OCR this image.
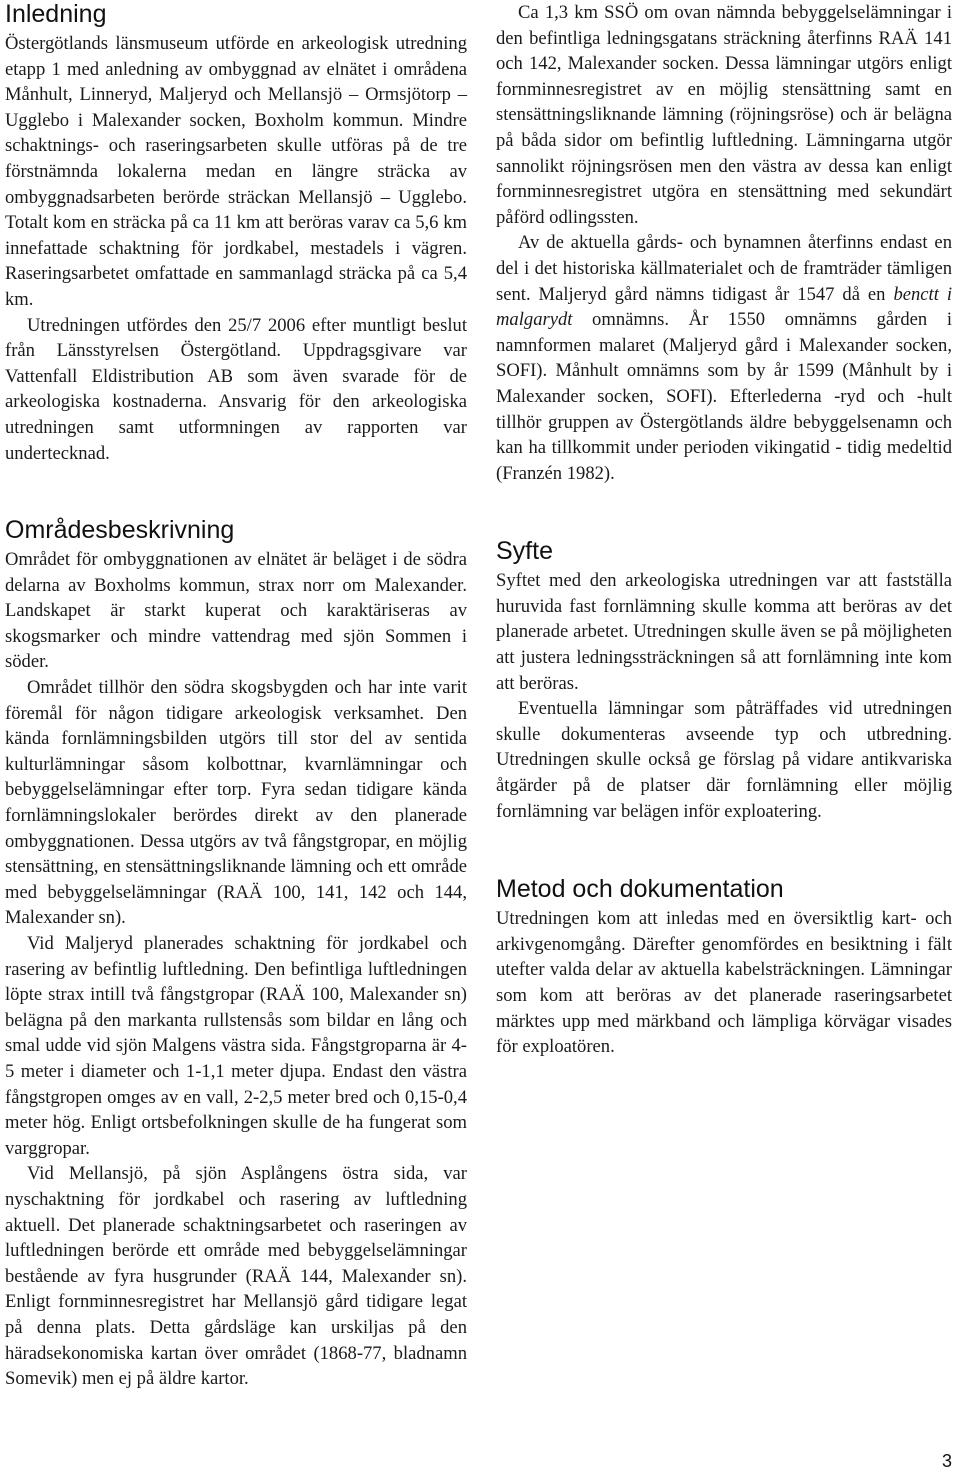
Inledning

Östergötlands länsmuseum utförde en arkeologisk utredning etapp 1 med anledning av ombyggnad av elnätet i områdena Månhult, Linneryd, Maljeryd och Mellansjö – Ormsjötorp – Ugglebo i Malexander socken, Boxholm kommun. Mindre schaktnings- och raseringsarbeten skulle utföras på de tre förstnämnda lokalerna medan en längre sträcka av ombyggnadsarbeten berörde sträckan Mellansjö – Ugglebo. Totalt kom en sträcka på ca 11 km att beröras varav ca 5,6 km innefattade schaktning för jordkabel, mestadels i vägren. Raseringsarbetet omfattade en sammanlagd sträcka på ca 5,4 km.

Utredningen utfördes den 25/7 2006 efter muntligt beslut från Länsstyrelsen Östergötland. Uppdragsgivare var Vattenfall Eldistribution AB som även svarade för de arkeologiska kostnaderna. Ansvarig för den arkeologiska utredningen samt utformningen av rapporten var undertecknad.

Områdesbeskrivning

Området för ombyggnationen av elnätet är beläget i de södra delarna av Boxholms kommun, strax norr om Malexander. Landskapet är starkt kuperat och karaktäriseras av skogsmarker och mindre vattendrag med sjön Sommen i söder.

Området tillhör den södra skogsbygden och har inte varit föremål för någon tidigare arkeologisk verksamhet. Den kända fornlämningsbilden utgörs till stor del av sentida kulturlämningar såsom kolbottnar, kvarnlämningar och bebyggelselämningar efter torp. Fyra sedan tidigare kända fornlämningslokaler berördes direkt av den planerade ombyggnationen. Dessa utgörs av två fångstgropar, en möjlig stensättning, en stensättningsliknande lämning och ett område med bebyggelselämningar (RAÄ 100, 141, 142 och 144, Malexander sn).

Vid Maljeryd planerades schaktning för jordkabel och rasering av befintlig luftledning. Den befintliga luftledningen löpte strax intill två fångstgropar (RAÄ 100, Malexander sn) belägna på den markanta rullstensås som bildar en lång och smal udde vid sjön Malgens västra sida. Fångstgroparna är 4-5 meter i diameter och 1-1,1 meter djupa. Endast den västra fångstgropen omges av en vall, 2-2,5 meter bred och 0,15-0,4 meter hög. Enligt ortsbefolkningen skulle de ha fungerat som varggropar.

Vid Mellansjö, på sjön Asplångens östra sida, var nyschaktning för jordkabel och rasering av luftledning aktuell. Det planerade schaktningsarbetet och raseringen av luftledningen berörde ett område med bebyggelselämningar bestående av fyra husgrunder (RAÄ 144, Malexander sn). Enligt fornminnesregistret har Mellansjö gård tidigare legat på denna plats. Detta gårdsläge kan urskiljas på den häradsekonomiska kartan över området (1868-77, bladnamn Somevik) men ej på äldre kartor.

Ca 1,3 km SSÖ om ovan nämnda bebyggelselämningar i den befintliga ledningsgatans sträckning återfinns RAÄ 141 och 142, Malexander socken. Dessa lämningar utgörs enligt fornminnesregistret av en möjlig stensättning samt en stensättningsliknande lämning (röjningsröse) och är belägna på båda sidor om befintlig luftledning. Lämningarna utgör sannolikt röjningsrösen men den västra av dessa kan enligt fornminnesregistret utgöra en stensättning med sekundärt påförd odlingssten.

Av de aktuella gårds- och bynamnen återfinns endast en del i det historiska källmaterialet och de framträder tämligen sent. Maljeryd gård nämns tidigast år 1547 då en benctt i malgarydt omnämns. År 1550 omnämns gården i namnformen malaret (Maljeryd gård i Malexander socken, SOFI). Månhult omnämns som by år 1599 (Månhult by i Malexander socken, SOFI). Efterlederna -ryd och -hult tillhör gruppen av Östergötlands äldre bebyggelsenamn och kan ha tillkommit under perioden vikingatid - tidig medeltid (Franzén 1982).

Syfte

Syftet med den arkeologiska utredningen var att fastställa huruvida fast fornlämning skulle komma att beröras av det planerade arbetet. Utredningen skulle även se på möjligheten att justera ledningssträckningen så att fornlämning inte kom att beröras.

Eventuella lämningar som påträffades vid utredningen skulle dokumenteras avseende typ och utbredning. Utredningen skulle också ge förslag på vidare antikvariska åtgärder på de platser där fornlämning eller möjlig fornlämning var belägen inför exploatering.

Metod och dokumentation

Utredningen kom att inledas med en översiktlig kart- och arkivgenomgång. Därefter genomfördes en besiktning i fält utefter valda delar av aktuella kabelsträckningen. Lämningar som kom att beröras av det planerade raseringsarbetet märktes upp med märkband och lämpliga körvägar visades för exploatören.

3
